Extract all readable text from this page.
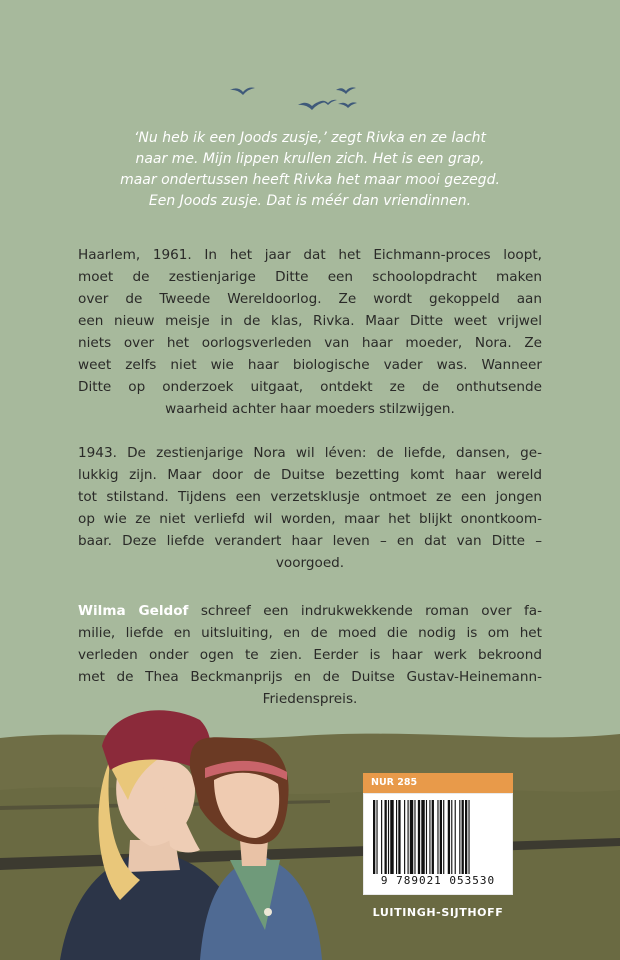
‘Nu heb ik een Joods zusje,’ zegt Rivka en ze lacht
naar me. Mijn lippen krullen zich. Het is een grap,
maar ondertussen heeft Rivka het maar mooi gezegd.
Een Joods zusje. Dat is méér dan vriendinnen.
Haarlem, 1961. In het jaar dat het Eichmann-proces loopt,
moet de zestienjarige Ditte een schoolopdracht maken
over de Tweede Wereldoorlog. Ze wordt gekoppeld aan
een nieuw meisje in de klas, Rivka. Maar Ditte weet vrijwel
niets over het oorlogsverleden van haar moeder, Nora. Ze
weet zelfs niet wie haar biologische vader was. Wanneer
Ditte op onderzoek uitgaat, ontdekt ze de onthutsende
waarheid achter haar moeders stilzwijgen.
1943. De zestienjarige Nora wil léven: de liefde, dansen, ge-
lukkig zijn. Maar door de Duitse bezetting komt haar wereld
tot stilstand. Tijdens een verzetsklusje ontmoet ze een jongen
op wie ze niet verliefd wil worden, maar het blijkt onontkoom-
baar. Deze liefde verandert haar leven – en dat van Ditte –
voorgoed.
Wilma Geldof schreef een indrukwekkende roman over fa-
milie, liefde en uitsluiting, en de moed die nodig is om het
verleden onder ogen te zien. Eerder is haar werk bekroond
met de Thea Beckmanprijs en de Duitse Gustav-Heinemann-
Friedenspreis.
NUR 285
9 789021 053530
LUITINGH-SIJTHOFF
